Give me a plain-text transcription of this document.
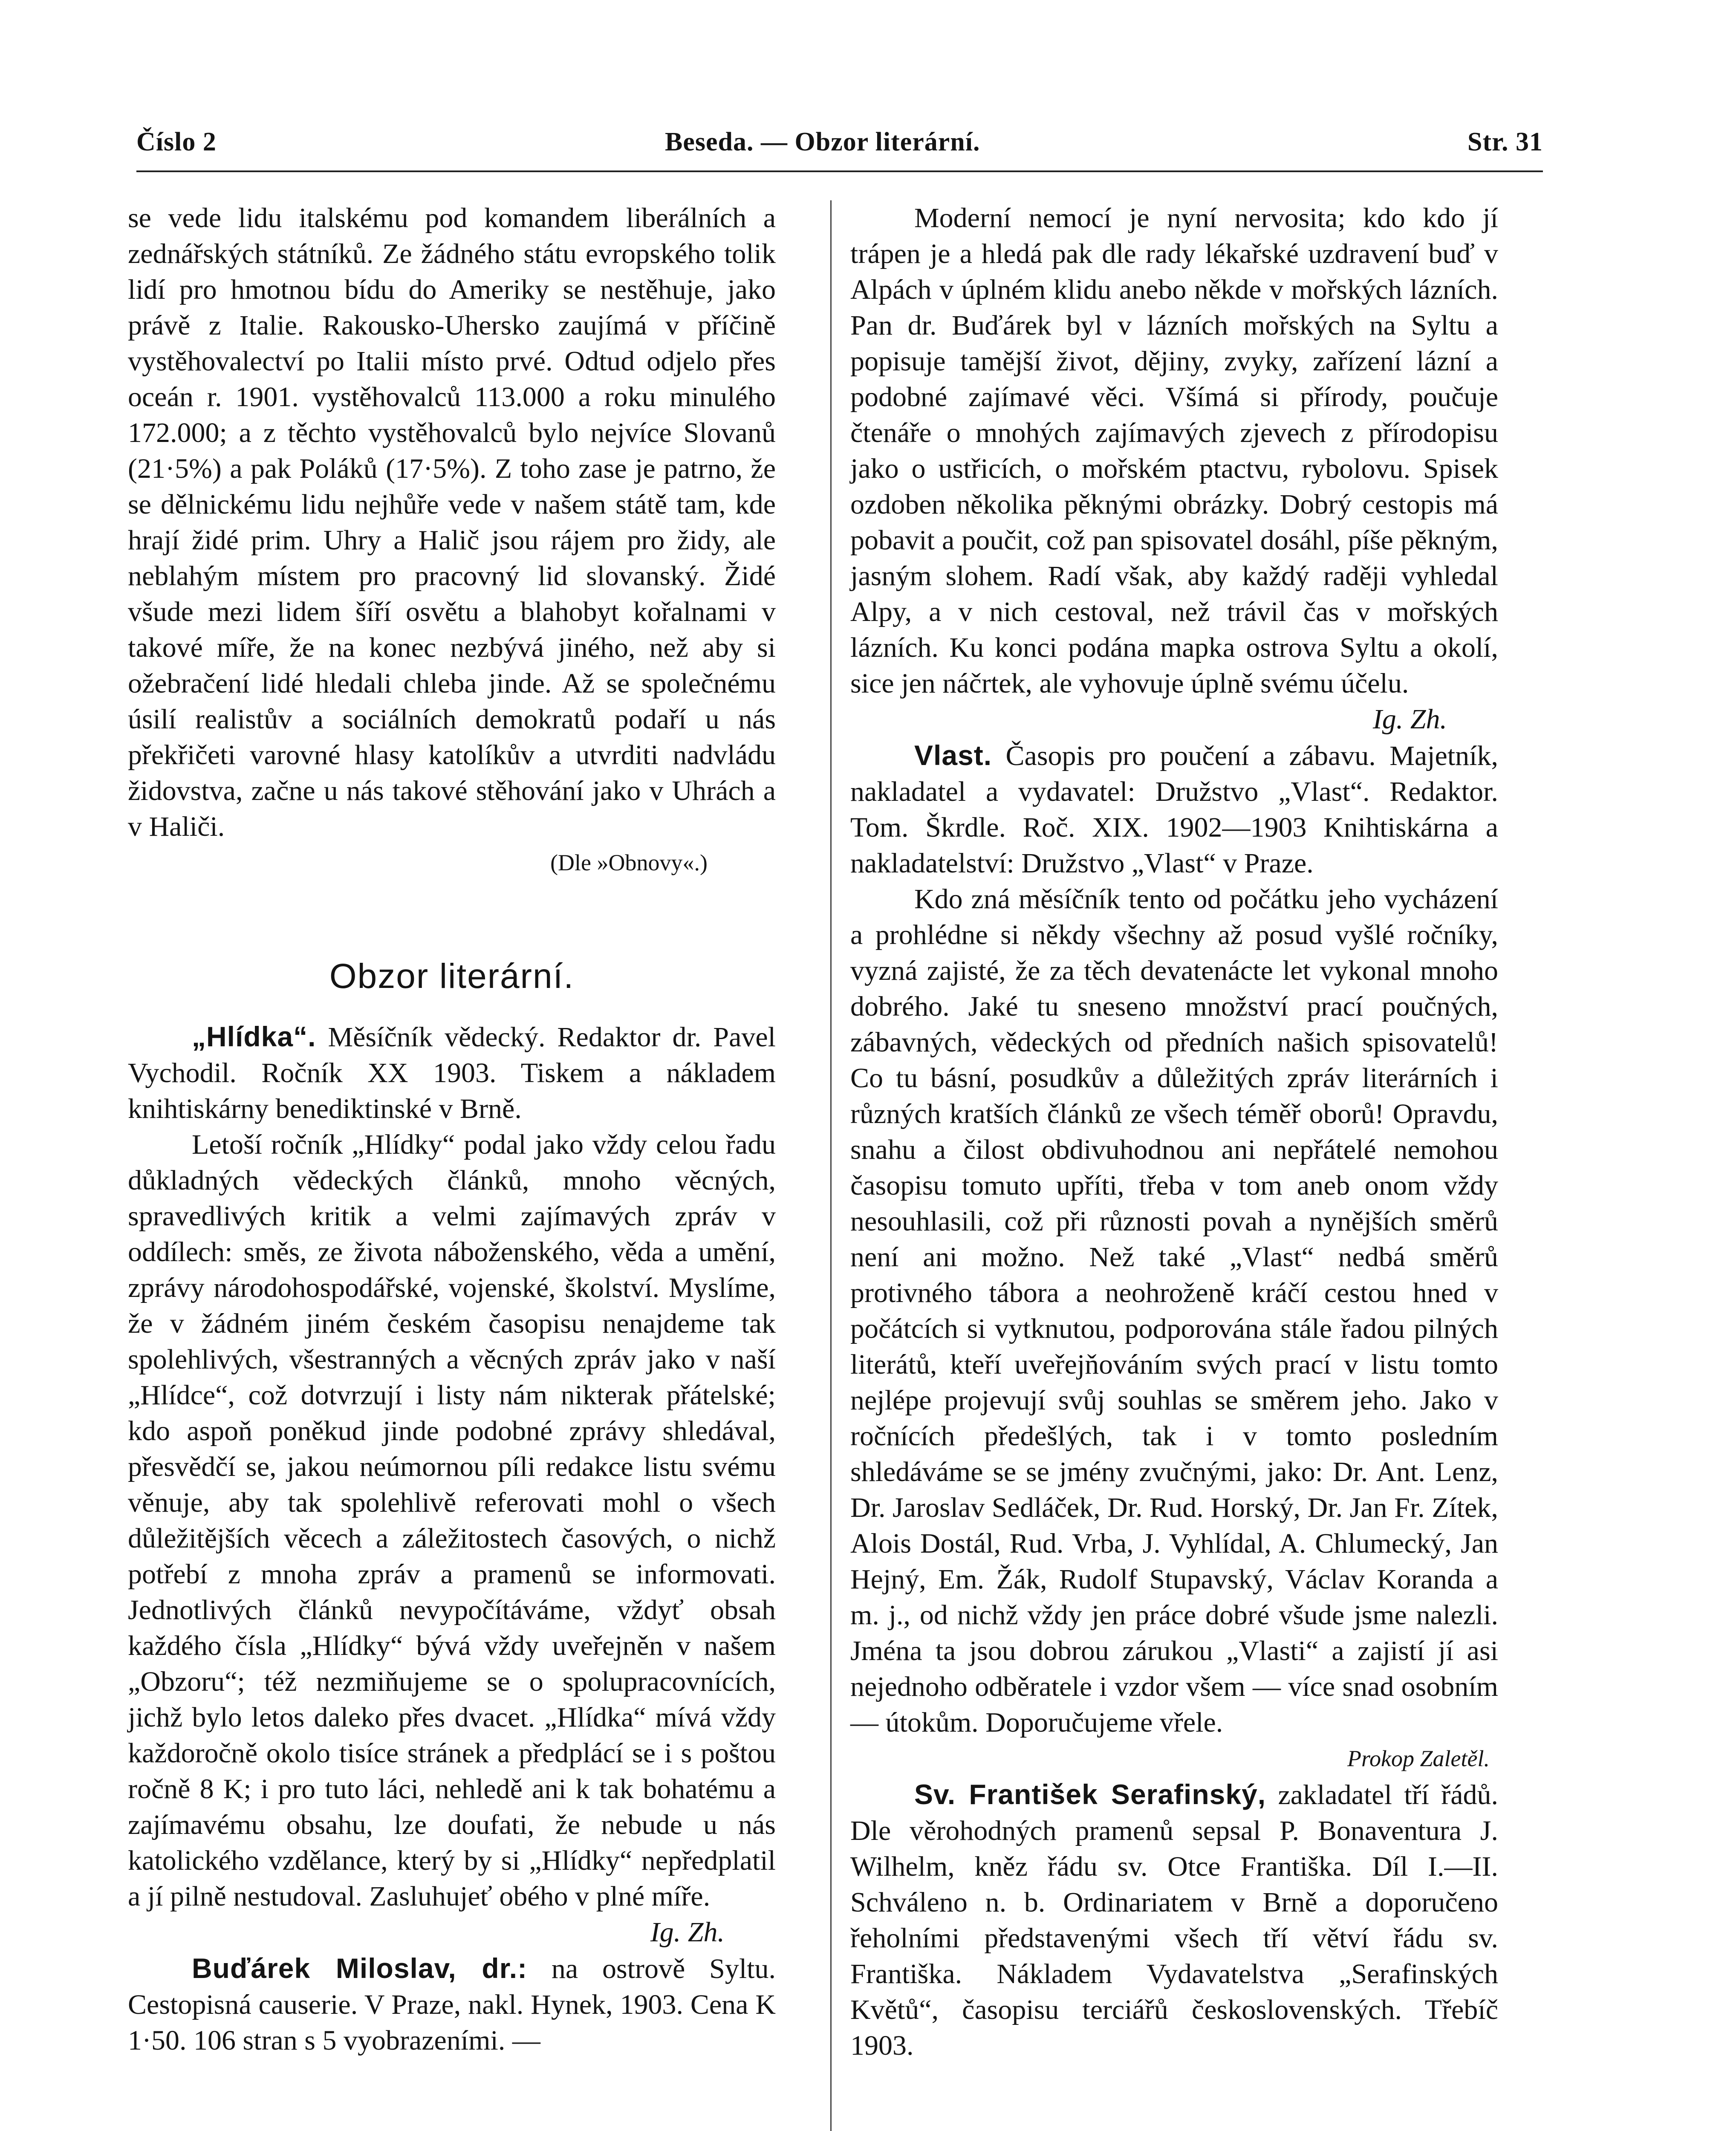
Číslo 2	Beseda. — Obzor literární.	Str. 31

se vede lidu italskému pod komandem liberálních a zednářských státníků. Ze žádného státu evropského tolik lidí pro hmotnou bídu do Ameriky se nestěhuje, jako právě z Italie. Rakousko-Uhersko zaujímá v příčině vystěhovalectví po Italii místo prvé. Odtud odjelo přes oceán r. 1901. vystěhovalců 113.000 a roku minulého 172.000; a z těchto vystěhovalců bylo nejvíce Slovanů (21·5%) a pak Poláků (17·5%). Z toho zase je patrno, že se dělnickému lidu nejhůře vede v našem státě tam, kde hrají židé prim. Uhry a Halič jsou rájem pro židy, ale neblahým místem pro pracovný lid slovanský. Židé všude mezi lidem šíří osvětu a blahobyt kořalnami v takové míře, že na konec nezbývá jiného, než aby si ožebračení lidé hledali chleba jinde. Až se společnému úsilí realistův a sociálních demokratů podaří u nás překřičeti varovné hlasy katolíkův a utvrditi nadvládu židovstva, začne u nás takové stěhování jako v Uhrách a v Haliči.

(Dle »Obnovy«.)

Obzor literární.

„Hlídka“. Měsíčník vědecký. Redaktor dr. Pavel Vychodil. Ročník XX 1903. Tiskem a nákladem knihtiskárny benediktinské v Brně.

Letoší ročník „Hlídky“ podal jako vždy celou řadu důkladných vědeckých článků, mnoho věcných, spravedlivých kritik a velmi zajímavých zpráv v oddílech: směs, ze života náboženského, věda a umění, zprávy národohospodářské, vojenské, školství. Myslíme, že v žádném jiném českém časopisu nenajdeme tak spolehlivých, všestranných a věcných zpráv jako v naší „Hlídce“, což dotvrzují i listy nám nikterak přátelské; kdo aspoň poněkud jinde podobné zprávy shledával, přesvědčí se, jakou neúmornou píli redakce listu svému věnuje, aby tak spolehlivě referovati mohl o všech důležitějších věcech a záležitostech časových, o nichž potřebí z mnoha zpráv a pramenů se informovati. Jednotlivých článků nevypočítáváme, vždyť obsah každého čísla „Hlídky“ bývá vždy uveřejněn v našem „Obzoru“; též nezmiňujeme se o spolupracovnících, jichž bylo letos daleko přes dvacet. „Hlídka“ mívá vždy každoročně okolo tisíce stránek a předplácí se i s poštou ročně 8 K; i pro tuto láci, nehledě ani k tak bohatému a zajímavému obsahu, lze doufati, že nebude u nás katolického vzdělance, který by si „Hlídky“ nepředplatil a jí pilně nestudoval. Zasluhujeť obého v plné míře.

Ig. Zh.

Buďárek Miloslav, dr.: na ostrově Syltu. Cestopisná causerie. V Praze, nakl. Hynek, 1903. Cena K 1·50. 106 stran s 5 vyobrazeními. —

Moderní nemocí je nyní nervosita; kdo kdo jí trápen je a hledá pak dle rady lékařské uzdravení buď v Alpách v úplném klidu anebo někde v mořských lázních. Pan dr. Buďárek byl v lázních mořských na Syltu a popisuje tamější život, dějiny, zvyky, zařízení lázní a podobné zajímavé věci. Všímá si přírody, poučuje čtenáře o mnohých zajímavých zjevech z přírodopisu jako o ustřicích, o mořském ptactvu, rybolovu. Spisek ozdoben několika pěknými obrázky. Dobrý cestopis má pobavit a poučit, což pan spisovatel dosáhl, píše pěkným, jasným slohem. Radí však, aby každý raději vyhledal Alpy, a v nich cestoval, než trávil čas v mořských lázních. Ku konci podána mapka ostrova Syltu a okolí, sice jen náčrtek, ale vyhovuje úplně svému účelu.

Ig. Zh.

Vlast. Časopis pro poučení a zábavu. Majetník, nakladatel a vydavatel: Družstvo „Vlast“. Redaktor. Tom. Škrdle. Roč. XIX. 1902—1903 Knihtiskárna a nakladatelství: Družstvo „Vlast“ v Praze.

Kdo zná měsíčník tento od počátku jeho vycházení a prohlédne si někdy všechny až posud vyšlé ročníky, vyzná zajisté, že za těch devatenácte let vykonal mnoho dobrého. Jaké tu sneseno množství prací poučných, zábavných, vědeckých od předních našich spisovatelů! Co tu básní, posudkův a důležitých zpráv literárních i různých kratších článků ze všech téměř oborů! Opravdu, snahu a čilost obdivuhodnou ani nepřátelé nemohou časopisu tomuto upříti, třeba v tom aneb onom vždy nesouhlasili, což při různosti povah a nynějších směrů není ani možno. Než také „Vlast“ nedbá směrů protivného tábora a neohroženě kráčí cestou hned v počátcích si vytknutou, podporována stále řadou pilných literátů, kteří uveřejňováním svých prací v listu tomto nejlépe projevují svůj souhlas se směrem jeho. Jako v ročnících předešlých, tak i v tomto posledním shledáváme se se jmény zvučnými, jako: Dr. Ant. Lenz, Dr. Jaroslav Sedláček, Dr. Rud. Horský, Dr. Jan Fr. Zítek, Alois Dostál, Rud. Vrba, J. Vyhlídal, A. Chlumecký, Jan Hejný, Em. Žák, Rudolf Stupavský, Václav Koranda a m. j., od nichž vždy jen práce dobré všude jsme nalezli. Jména ta jsou dobrou zárukou „Vlasti“ a zajistí jí asi nejednoho odběratele i vzdor všem — více snad osobním — útokům. Doporučujeme vřele.

Prokop Zaletěl.

Sv. František Serafinský, zakladatel tří řádů. Dle věrohodných pramenů sepsal P. Bonaventura J. Wilhelm, kněz řádu sv. Otce Františka. Díl I.—II. Schváleno n. b. Ordinariatem v Brně a doporučeno řeholními představenými všech tří větví řádu sv. Františka. Nákladem Vydavatelstva „Serafinských Květů“, časopisu terciářů československých. Třebíč 1903.
